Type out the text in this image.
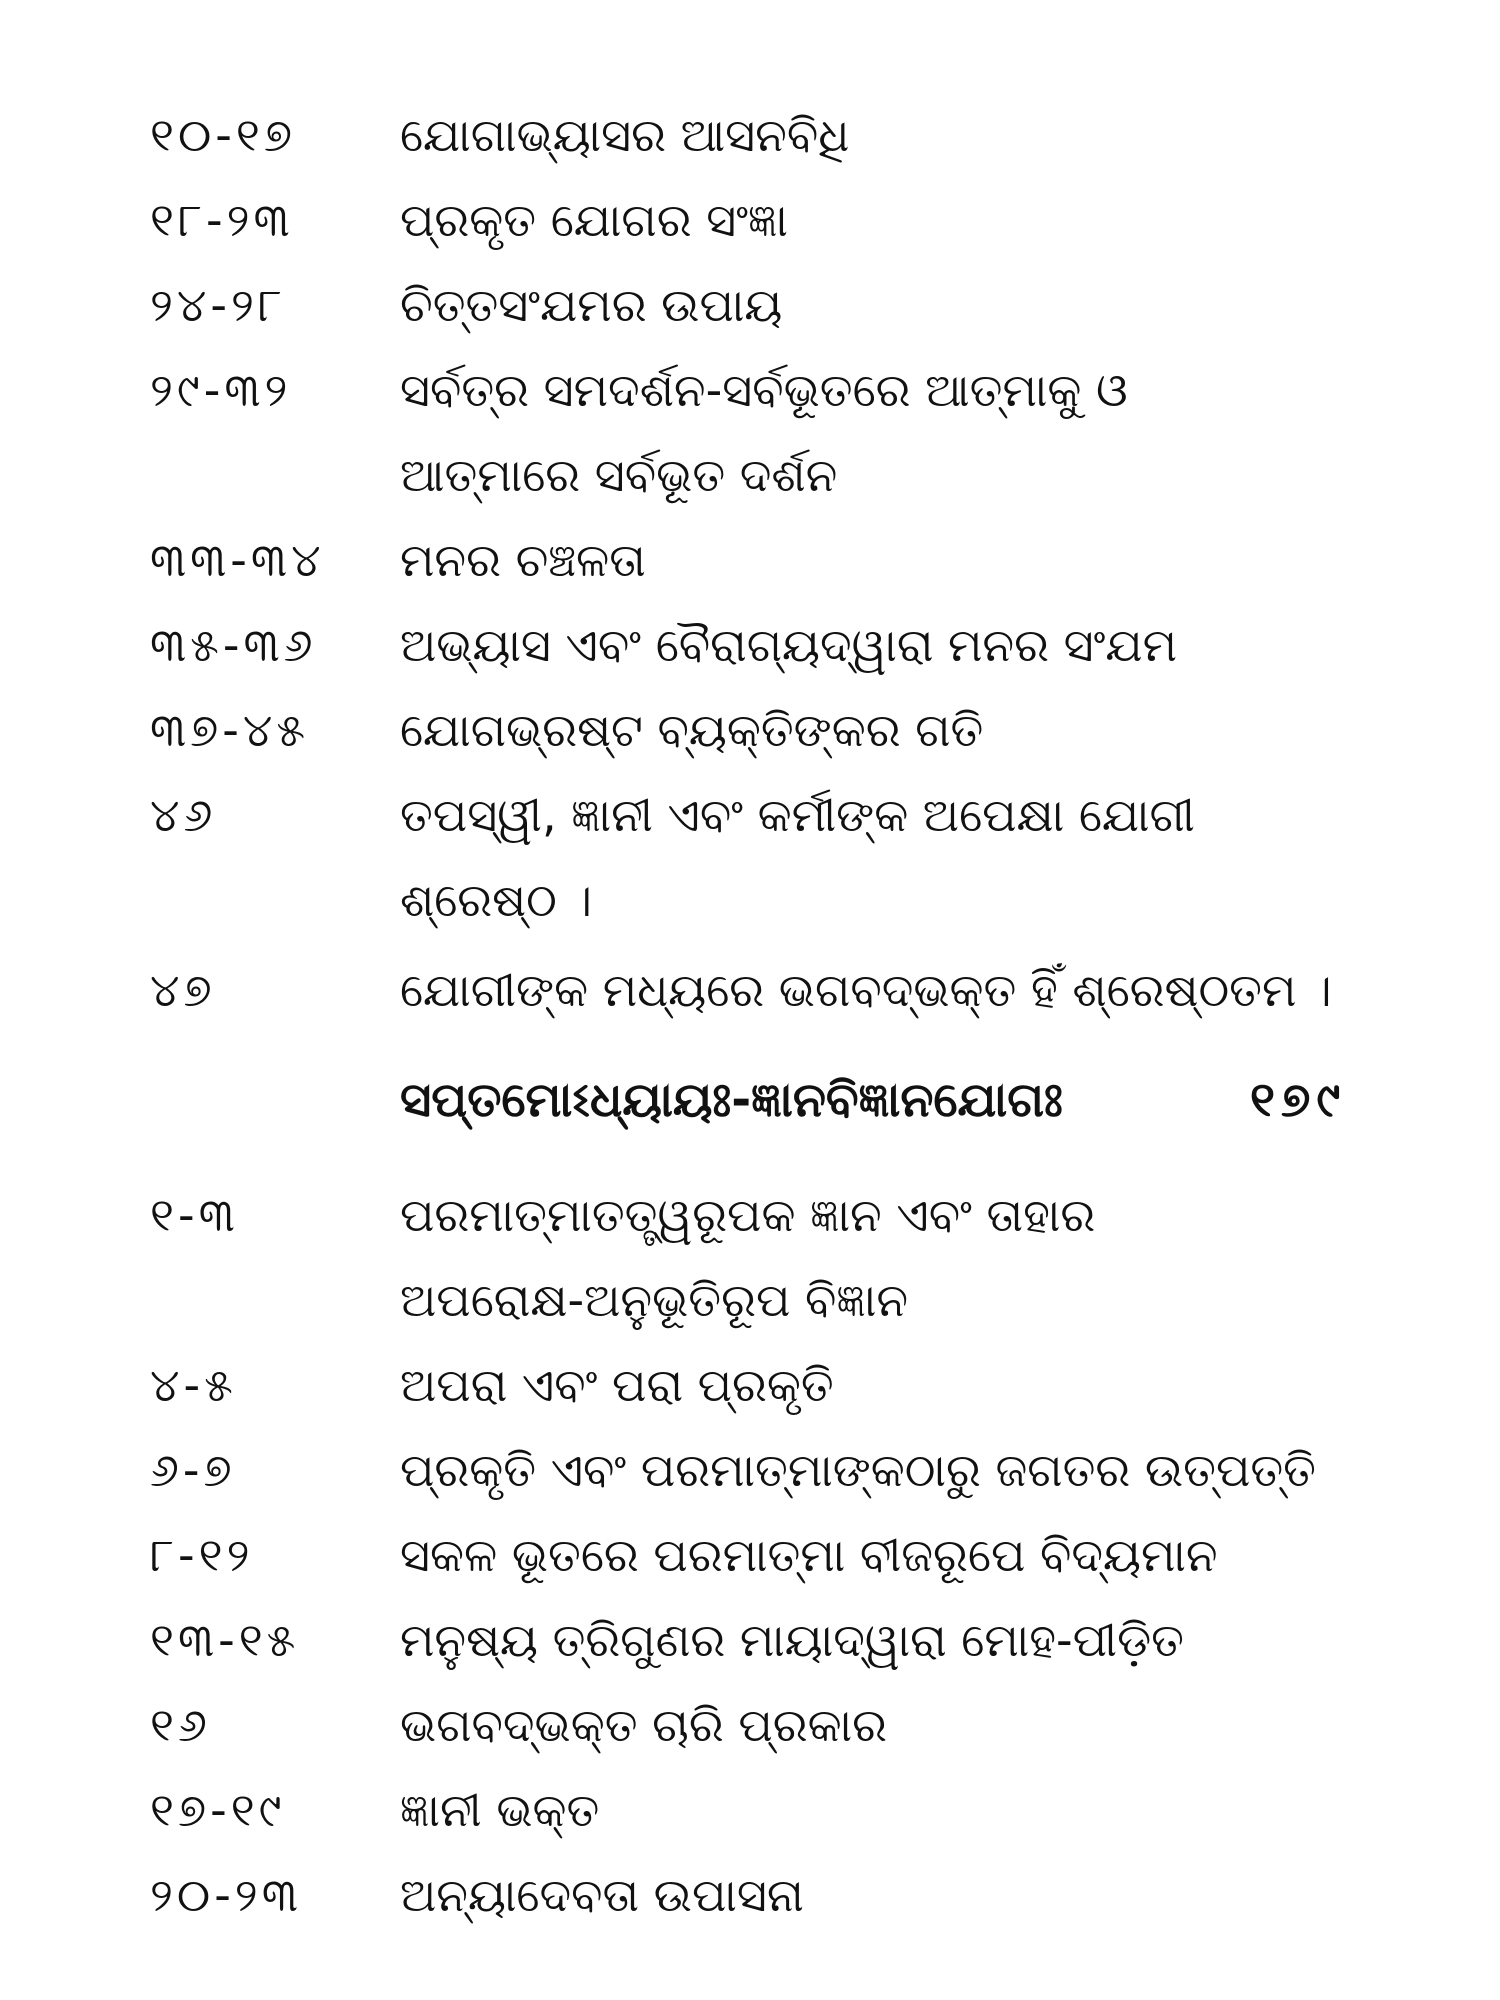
୧୦-୧୭ ଯୋଗାଭ୍ୟାସର ଆସନବିଧି
୧୮-୨୩ ପ୍ରକୃତ ଯୋଗର ସଂଜ୍ଞା
୨୪-୨୮ ଚିତ୍ତସଂଯମର ଉପାୟ
୨୯-୩୨ ସର୍ବତ୍ର ସମଦର୍ଶନ-ସର୍ବଭୂତରେ ଆତ୍ମାକୁ ଓ
ଆତ୍ମାରେ ସର୍ବଭୂତ ଦର୍ଶନ
୩୩-୩୪ ମନର ଚଞ୍ଚଳତା
୩୫-୩୬ ଅଭ୍ୟାସ ଏବଂ ବୈରାଗ୍ୟଦ୍ୱାରା ମନର ସଂଯମ
୩୭-୪୫ ଯୋଗଭ୍ରଷ୍ଟ ବ୍ୟକ୍ତିଙ୍କର ଗତି
୪୬	ତପସ୍ୱୀ, ଜ୍ଞାନୀ ଏବଂ କର୍ମୀଙ୍କ ଅପେକ୍ଷା ଯୋଗୀ
ଶ୍ରେଷ୍ଠ ।
୪୭	ଯୋଗୀଙ୍କ ମଧ୍ୟରେ ଭଗବଦ୍‌ଭକ୍ତ ହିଁ ଶ୍ରେଷ୍ଠତମ ।
ସପ୍ତମୋଽଧ୍ୟାୟଃ-ଜ୍ଞାନବିଜ୍ଞାନଯୋଗଃ	୧୭୯
୧-୩	ପରମାତ୍ମାତତ୍ତ୍ୱରୂପକ ଜ୍ଞାନ ଏବଂ ତାହାର
ଅପରୋକ୍ଷ-ଅନୁଭୂତିରୂପ ବିଜ୍ଞାନ
୪-୫	ଅପରା ଏବଂ ପରା ପ୍ରକୃତି
୬-୭	ପ୍ରକୃତି ଏବଂ ପରମାତ୍ମାଙ୍କଠାରୁ ଜଗତର ଉତ୍ପତ୍ତି
୮-୧୨	ସକଳ ଭୂତରେ ପରମାତ୍ମା ବୀଜରୂପେ ବିଦ୍ୟମାନ
୧୩-୧୫ ମନୁଷ୍ୟ ତ୍ରିଗୁଣର ମାୟାଦ୍ୱାରା ମୋହ-ପୀଡ଼ିତ
୧୬	ଭଗବଦ୍‌ଭକ୍ତ ଚାରି ପ୍ରକାର
୧୭-୧୯ ଜ୍ଞାନୀ ଭକ୍ତ
୨୦-୨୩ ଅନ୍ୟାଦେବତା ଉପାସନା
